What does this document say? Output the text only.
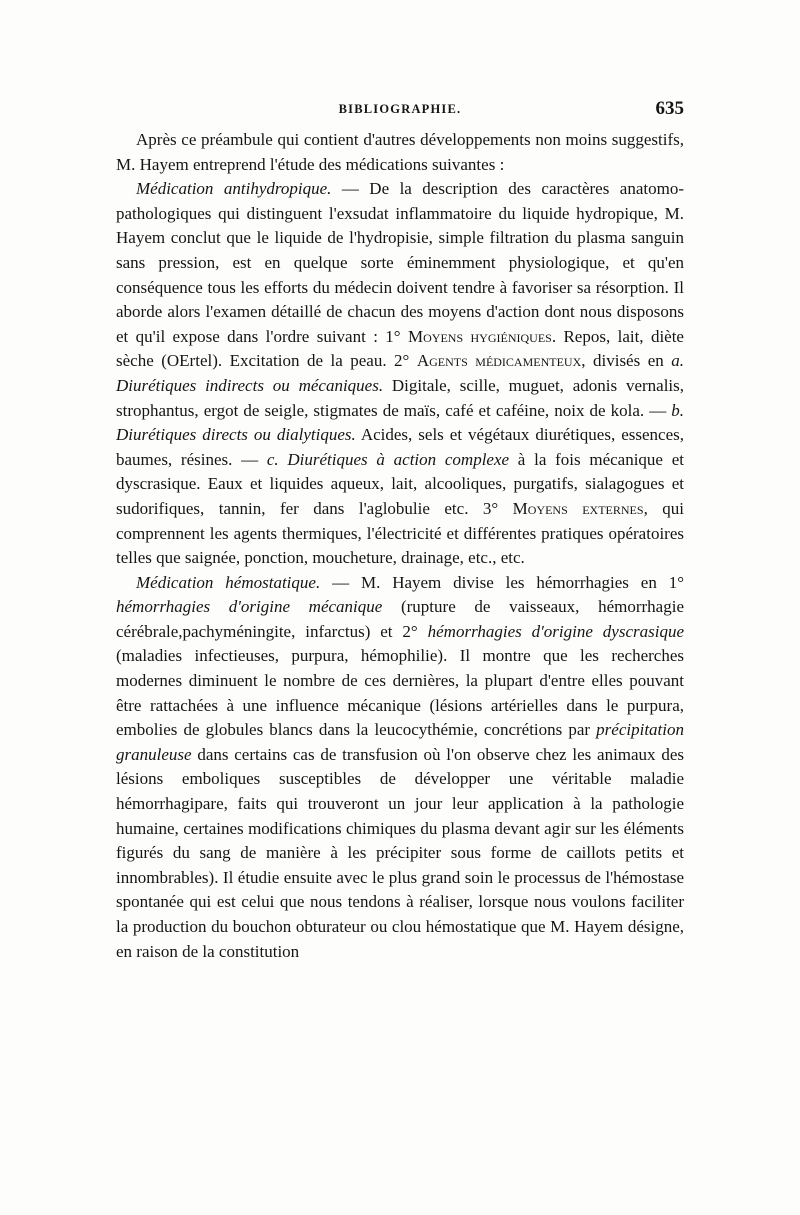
BIBLIOGRAPHIE.	635

Après ce préambule qui contient d'autres développements non moins suggestifs, M. Hayem entreprend l'étude des médications suivantes :

Médication antihydropique. — De la description des caractères anatomo-pathologiques qui distinguent l'exsudat inflammatoire du liquide hydropique, M. Hayem conclut que le liquide de l'hydropisie, simple filtration du plasma sanguin sans pression, est en quelque sorte éminemment physiologique, et qu'en conséquence tous les efforts du médecin doivent tendre à favoriser sa résorption. Il aborde alors l'examen détaillé de chacun des moyens d'action dont nous disposons et qu'il expose dans l'ordre suivant : 1° Moyens hygiéniques. Repos, lait, diète sèche (OErtel). Excitation de la peau. 2° Agents médicamenteux, divisés en a. Diurétiques indirects ou mécaniques. Digitale, scille, muguet, adonis vernalis, strophantus, ergot de seigle, stigmates de maïs, café et caféine, noix de kola. — b. Diurétiques directs ou dialytiques. Acides, sels et végétaux diurétiques, essences, baumes, résines. — c. Diurétiques à action complexe à la fois mécanique et dyscrasique. Eaux et liquides aqueux, lait, alcooliques, purgatifs, sialagogues et sudorifiques, tannin, fer dans l'aglobulie etc. 3° Moyens externes, qui comprennent les agents thermiques, l'électricité et différentes pratiques opératoires telles que saignée, ponction, moucheture, drainage, etc., etc.

Médication hémostatique. — M. Hayem divise les hémorrhagies en 1° hémorrhagies d'origine mécanique (rupture de vaisseaux, hémorrhagie cérébrale,pachyméningite, infarctus) et 2° hémorrhagies d'origine dyscrasique (maladies infectieuses, purpura, hémophilie). Il montre que les recherches modernes diminuent le nombre de ces dernières, la plupart d'entre elles pouvant être rattachées à une influence mécanique (lésions artérielles dans le purpura, embolies de globules blancs dans la leucocythémie, concrétions par précipitation granuleuse dans certains cas de transfusion où l'on observe chez les animaux des lésions emboliques susceptibles de développer une véritable maladie hémorrhagipare, faits qui trouveront un jour leur application à la pathologie humaine, certaines modifications chimiques du plasma devant agir sur les éléments figurés du sang de manière à les précipiter sous forme de caillots petits et innombrables). Il étudie ensuite avec le plus grand soin le processus de l'hémostase spontanée qui est celui que nous tendons à réaliser, lorsque nous voulons faciliter la production du bouchon obturateur ou clou hémostatique que M. Hayem désigne, en raison de la constitution
